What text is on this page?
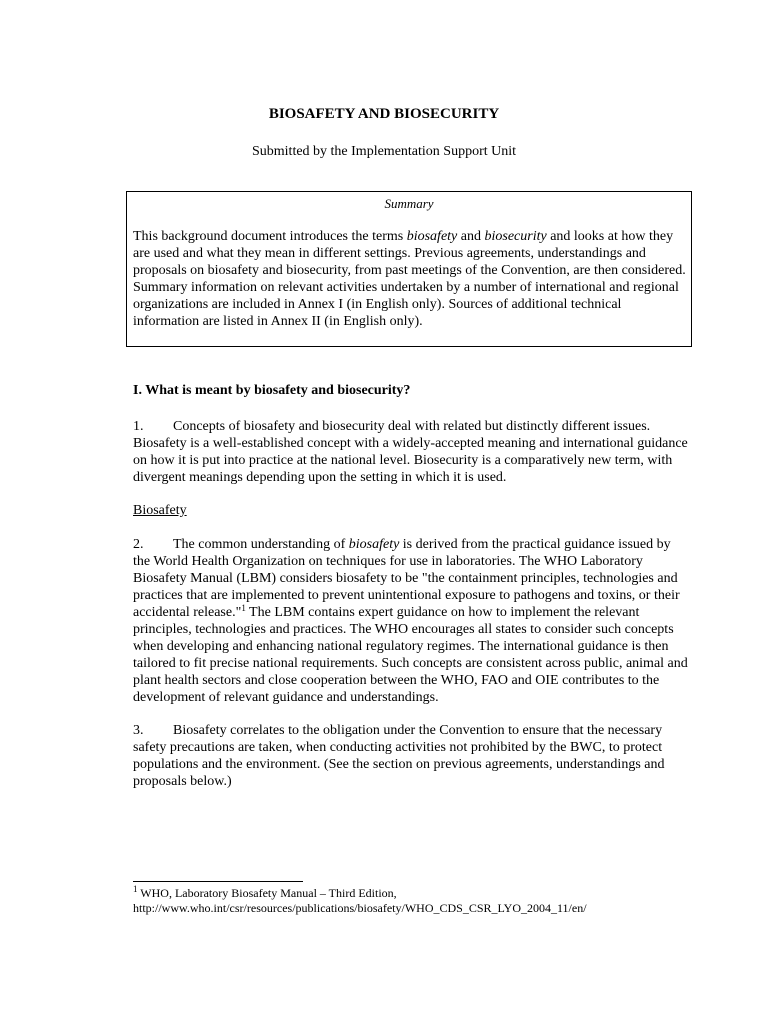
BIOSAFETY AND BIOSECURITY
Submitted by the Implementation Support Unit
Summary
This background document introduces the terms biosafety and biosecurity and looks at how they are used and what they mean in different settings. Previous agreements, understandings and proposals on biosafety and biosecurity, from past meetings of the Convention, are then considered. Summary information on relevant activities undertaken by a number of international and regional organizations are included in Annex I (in English only). Sources of additional technical information are listed in Annex II (in English only).
I. What is meant by biosafety and biosecurity?
1. Concepts of biosafety and biosecurity deal with related but distinctly different issues. Biosafety is a well-established concept with a widely-accepted meaning and international guidance on how it is put into practice at the national level. Biosecurity is a comparatively new term, with divergent meanings depending upon the setting in which it is used.
Biosafety
2. The common understanding of biosafety is derived from the practical guidance issued by the World Health Organization on techniques for use in laboratories. The WHO Laboratory Biosafety Manual (LBM) considers biosafety to be "the containment principles, technologies and practices that are implemented to prevent unintentional exposure to pathogens and toxins, or their accidental release."$^1$ The LBM contains expert guidance on how to implement the relevant principles, technologies and practices. The WHO encourages all states to consider such concepts when developing and enhancing national regulatory regimes. The international guidance is then tailored to fit precise national requirements. Such concepts are consistent across public, animal and plant health sectors and close cooperation between the WHO, FAO and OIE contributes to the development of relevant guidance and understandings.
3. Biosafety correlates to the obligation under the Convention to ensure that the necessary safety precautions are taken, when conducting activities not prohibited by the BWC, to protect populations and the environment. (See the section on previous agreements, understandings and proposals below.)
$^1$ WHO, Laboratory Biosafety Manual – Third Edition,
http://www.who.int/csr/resources/publications/biosafety/WHO_CDS_CSR_LYO_2004_11/en/
